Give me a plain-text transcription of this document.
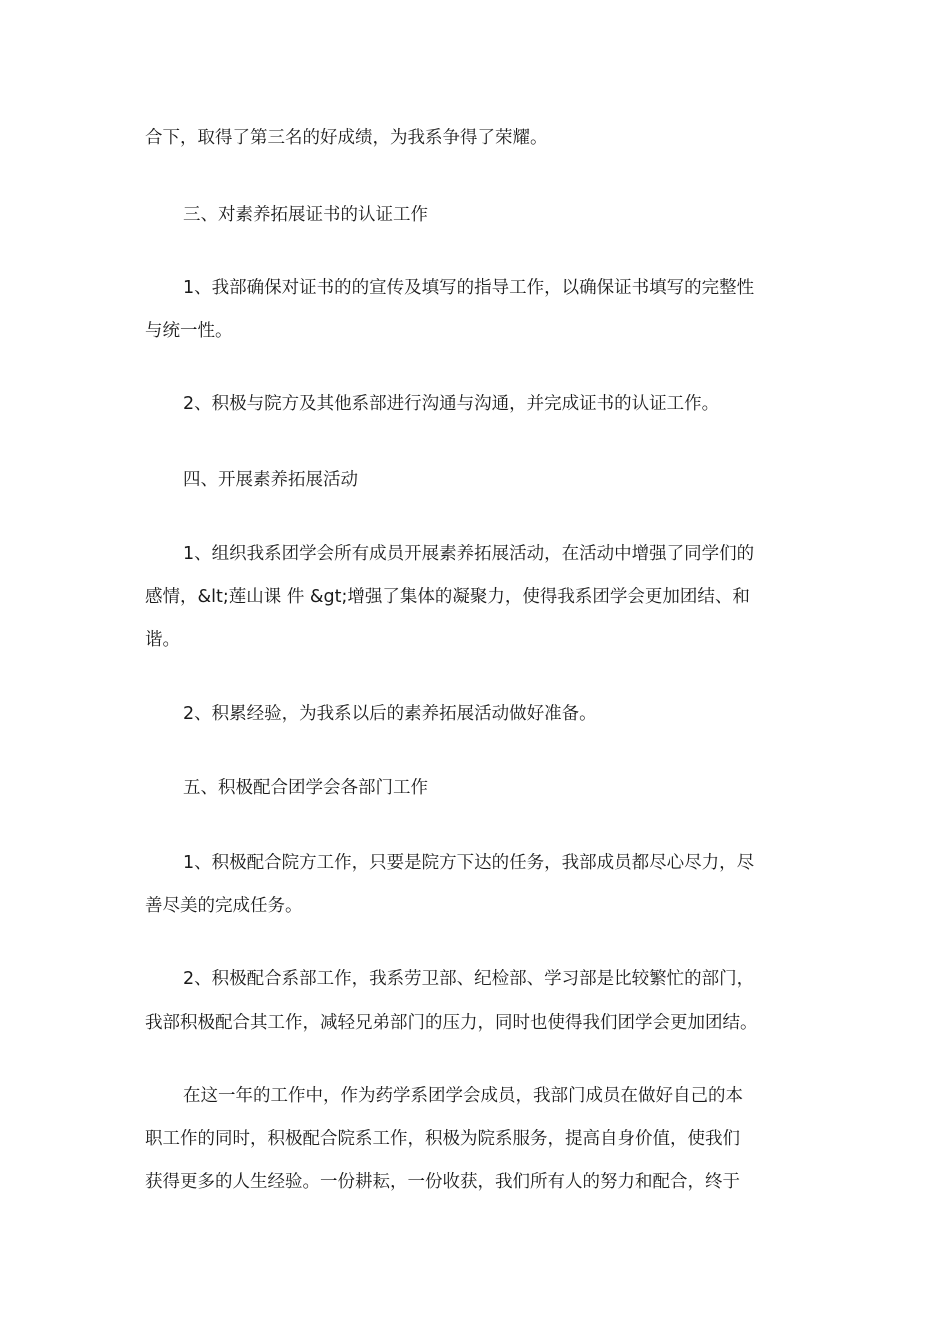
合下，取得了第三名的好成绩，为我系争得了荣耀。

三、对素养拓展证书的认证工作

1、我部确保对证书的的宣传及填写的指导工作，以确保证书填写的完整性

与统一性。

2、积极与院方及其他系部进行沟通与沟通，并完成证书的认证工作。

四、开展素养拓展活动

1、组织我系团学会所有成员开展素养拓展活动，在活动中增强了同学们的

感情，&lt;莲山课 件 &gt;增强了集体的凝聚力，使得我系团学会更加团结、和

谐。

2、积累经验，为我系以后的素养拓展活动做好准备。

五、积极配合团学会各部门工作

1、积极配合院方工作，只要是院方下达的任务，我部成员都尽心尽力，尽

善尽美的完成任务。

2、积极配合系部工作，我系劳卫部、纪检部、学习部是比较繁忙的部门，

我部积极配合其工作，减轻兄弟部门的压力，同时也使得我们团学会更加团结。

在这一年的工作中，作为药学系团学会成员，我部门成员在做好自己的本

职工作的同时，积极配合院系工作，积极为院系服务，提高自身价值，使我们

获得更多的人生经验。一份耕耘，一份收获，我们所有人的努力和配合，终于
